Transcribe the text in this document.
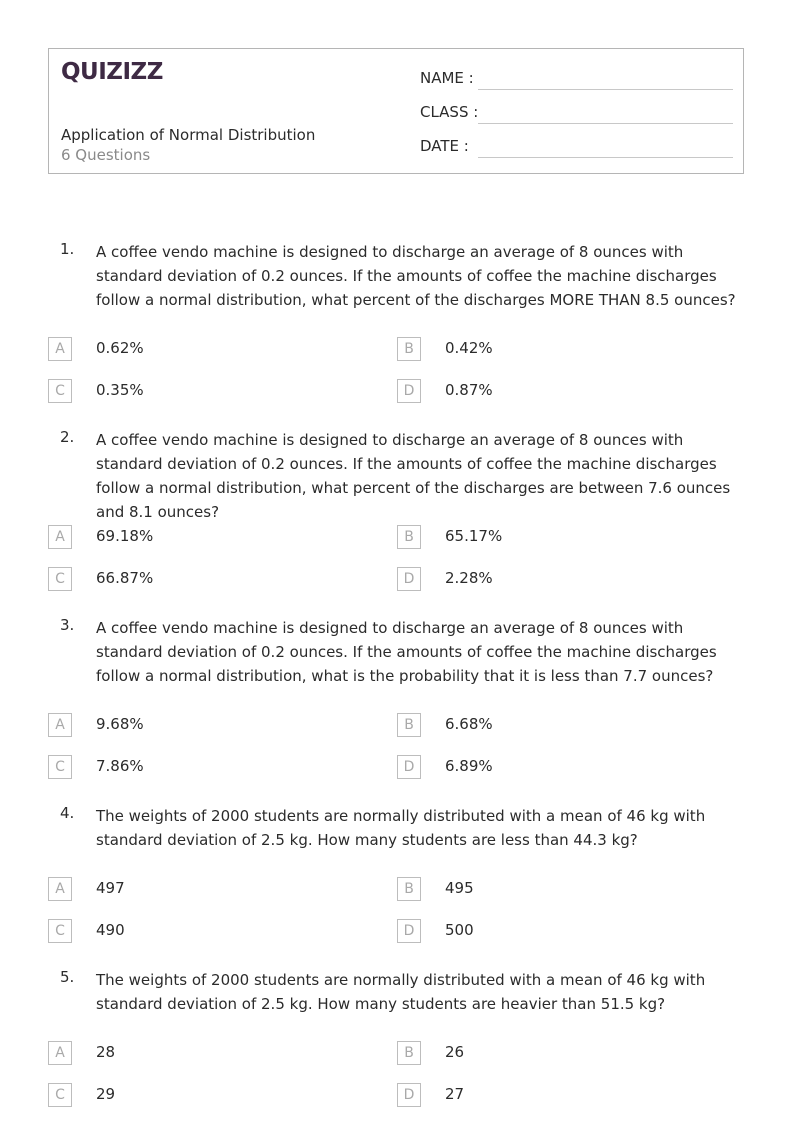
QUIZIZZ
Application of Normal Distribution
6 Questions
NAME :
CLASS :
DATE :
1. A coffee vendo machine is designed to discharge an average of 8 ounces with standard deviation of 0.2 ounces. If the amounts of coffee the machine discharges follow a normal distribution, what percent of the discharges MORE THAN 8.5 ounces?
A	0.62%	B	0.42%
C	0.35%	D	0.87%
2. A coffee vendo machine is designed to discharge an average of 8 ounces with standard deviation of 0.2 ounces. If the amounts of coffee the machine discharges follow a normal distribution, what percent of the discharges are between 7.6 ounces and 8.1 ounces?
A	69.18%	B	65.17%
C	66.87%	D	2.28%
3. A coffee vendo machine is designed to discharge an average of 8 ounces with standard deviation of 0.2 ounces. If the amounts of coffee the machine discharges follow a normal distribution, what is the probability that it is less than 7.7 ounces?
A	9.68%	B	6.68%
C	7.86%	D	6.89%
4. The weights of 2000 students are normally distributed with a mean of 46 kg with standard deviation of 2.5 kg. How many students are less than 44.3 kg?
A	497	B	495
C	490	D	500
5. The weights of 2000 students are normally distributed with a mean of 46 kg with standard deviation of 2.5 kg. How many students are heavier than 51.5 kg?
A	28	B	26
C	29	D	27
